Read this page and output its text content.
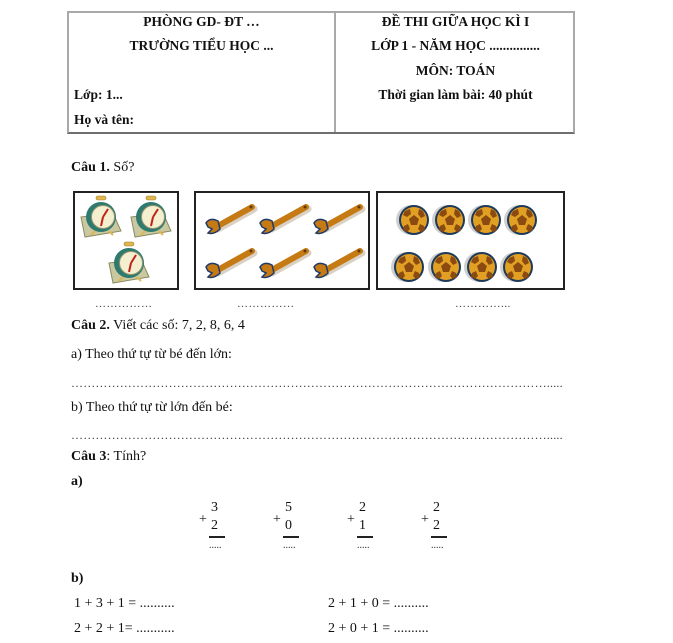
PHÒNG GD- ĐT …
TRƯỜNG TIỂU HỌC ...
Lớp: 1...
Họ và tên:
ĐỀ THI GIỮA HỌC KÌ I
LỚP 1 - NĂM HỌC ...............
MÔN: TOÁN
Thời gian làm bài: 40 phút
Câu 1. Số?
……………	……………	…………...
Câu 2. Viết các số: 7, 2, 8, 6, 4
a) Theo thứ tự từ bé đến lớn:
……………………………………………………………………………………………………….....
b) Theo thứ tự từ lớn đến bé:
……………………………………………………………………………………………………….....
Câu 3: Tính?
a)
+
3
2
.....
+
5
0
.....
+
2
1
.....
+
2
2
.....
b)
1 + 3 + 1 = ..........	2 + 1 + 0 = ..........
2 + 2 + 1= ...........	2 + 0 + 1 = ..........
